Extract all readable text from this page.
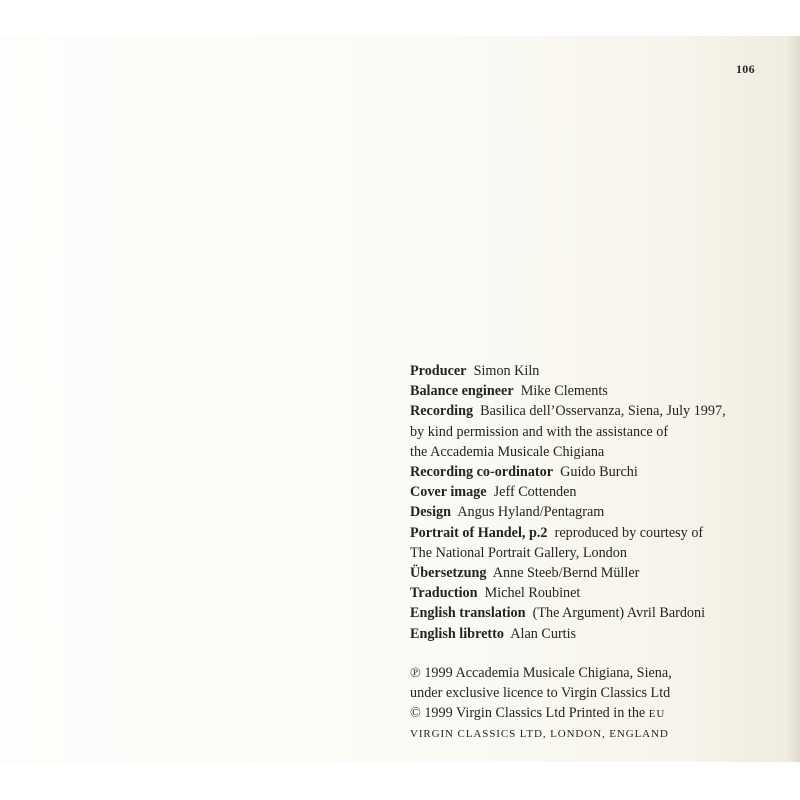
106
Producer Simon Kiln
Balance engineer Mike Clements
Recording Basilica dell’Osservanza, Siena, July 1997,
by kind permission and with the assistance of
the Accademia Musicale Chigiana
Recording co-ordinator Guido Burchi
Cover image Jeff Cottenden
Design Angus Hyland/Pentagram
Portrait of Handel, p.2 reproduced by courtesy of
The National Portrait Gallery, London
Übersetzung Anne Steeb/Bernd Müller
Traduction Michel Roubinet
English translation (The Argument) Avril Bardoni
English libretto Alan Curtis
℗ 1999 Accademia Musicale Chigiana, Siena,
under exclusive licence to Virgin Classics Ltd
© 1999 Virgin Classics Ltd Printed in the EU
VIRGIN CLASSICS LTD, LONDON, ENGLAND
